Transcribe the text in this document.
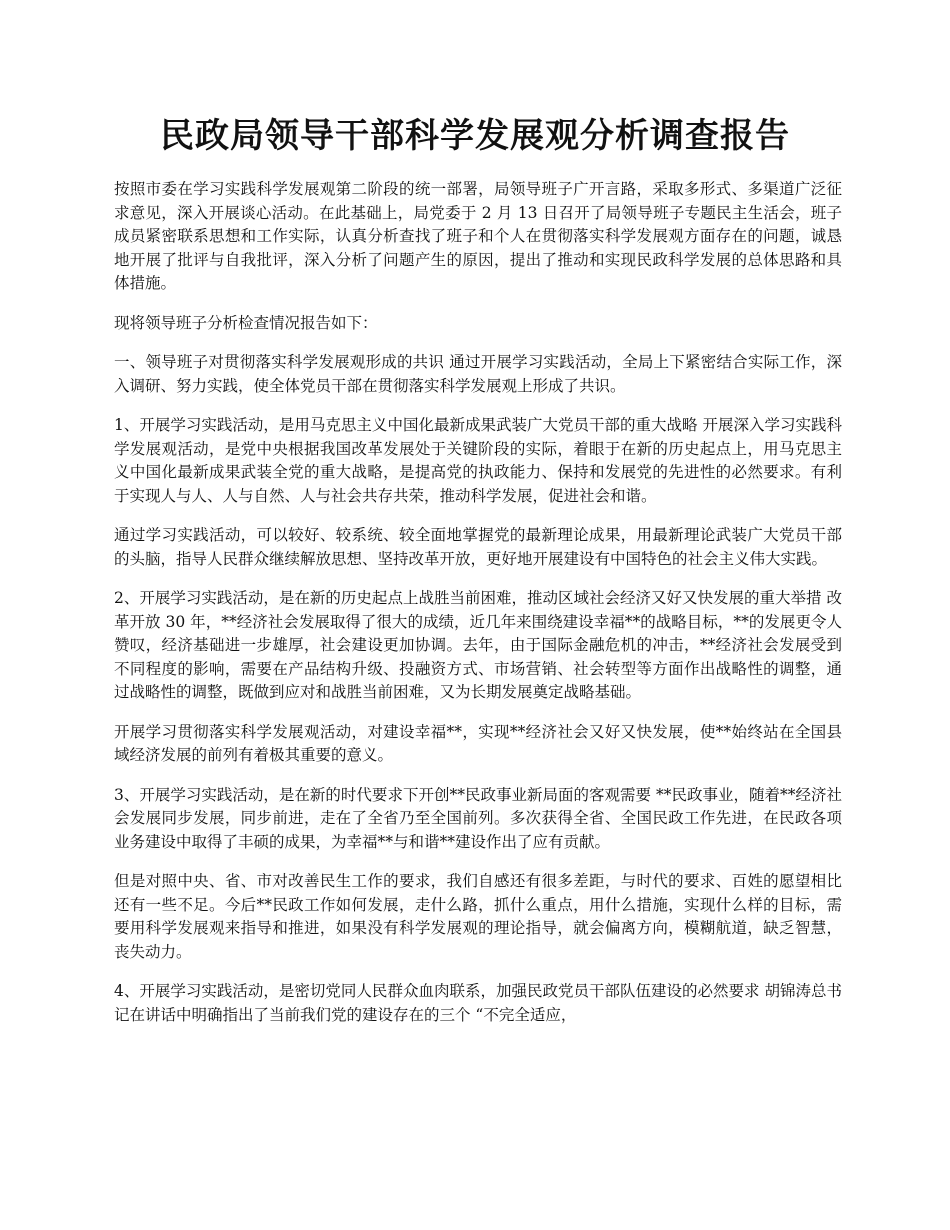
民政局领导干部科学发展观分析调查报告

按照市委在学习实践科学发展观第二阶段的统一部署，局领导班子广开言路，采取多形式、多渠道广泛征求意见，深入开展谈心活动。在此基础上，局党委于 2 月 13 日召开了局领导班子专题民主生活会，班子成员紧密联系思想和工作实际，认真分析查找了班子和个人在贯彻落实科学发展观方面存在的问题，诚恳地开展了批评与自我批评，深入分析了问题产生的原因，提出了推动和实现民政科学发展的总体思路和具体措施。

现将领导班子分析检查情况报告如下：

一、领导班子对贯彻落实科学发展观形成的共识 通过开展学习实践活动，全局上下紧密结合实际工作，深入调研、努力实践，使全体党员干部在贯彻落实科学发展观上形成了共识。

1、开展学习实践活动，是用马克思主义中国化最新成果武装广大党员干部的重大战略 开展深入学习实践科学发展观活动，是党中央根据我国改革发展处于关键阶段的实际，着眼于在新的历史起点上，用马克思主义中国化最新成果武装全党的重大战略，是提高党的执政能力、保持和发展党的先进性的必然要求。有利于实现人与人、人与自然、人与社会共存共荣，推动科学发展，促进社会和谐。

通过学习实践活动，可以较好、较系统、较全面地掌握党的最新理论成果，用最新理论武装广大党员干部的头脑，指导人民群众继续解放思想、坚持改革开放，更好地开展建设有中国特色的社会主义伟大实践。

2、开展学习实践活动，是在新的历史起点上战胜当前困难，推动区域社会经济又好又快发展的重大举措 改革开放 30 年，**经济社会发展取得了很大的成绩，近几年来围绕建设幸福**的战略目标，**的发展更令人赞叹，经济基础进一步雄厚，社会建设更加协调。去年，由于国际金融危机的冲击，**经济社会发展受到不同程度的影响，需要在产品结构升级、投融资方式、市场营销、社会转型等方面作出战略性的调整，通过战略性的调整，既做到应对和战胜当前困难，又为长期发展奠定战略基础。

开展学习贯彻落实科学发展观活动，对建设幸福**，实现**经济社会又好又快发展，使**始终站在全国县域经济发展的前列有着极其重要的意义。

3、开展学习实践活动，是在新的时代要求下开创**民政事业新局面的客观需要 **民政事业，随着**经济社会发展同步发展，同步前进，走在了全省乃至全国前列。多次获得全省、全国民政工作先进，在民政各项业务建设中取得了丰硕的成果，为幸福**与和谐**建设作出了应有贡献。

但是对照中央、省、市对改善民生工作的要求，我们自感还有很多差距，与时代的要求、百姓的愿望相比还有一些不足。今后**民政工作如何发展，走什么路，抓什么重点，用什么措施，实现什么样的目标，需要用科学发展观来指导和推进，如果没有科学发展观的理论指导，就会偏离方向，模糊航道，缺乏智慧，丧失动力。

4、开展学习实践活动，是密切党同人民群众血肉联系，加强民政党员干部队伍建设的必然要求 胡锦涛总书记在讲话中明确指出了当前我们党的建设存在的三个 “不完全适应，
